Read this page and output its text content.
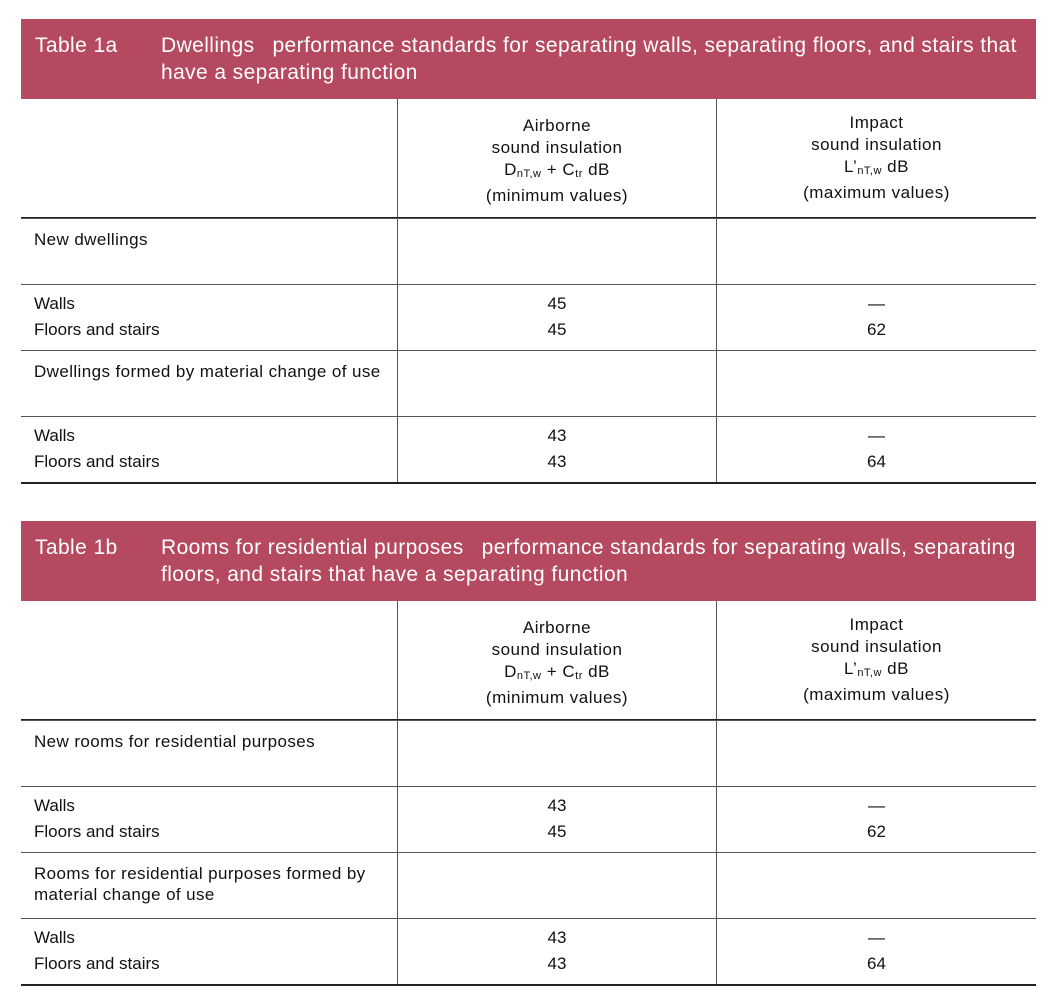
Table 1a Dwellings performance standards for separating walls, separating floors, and stairs that have a separating function
Airborne
sound insulation
$D_{nT,w} + C_{tr}$ dB
(minimum values)
Impact
sound insulation
$L’_{nT,w}$ dB
(maximum values)
New dwellings
Walls
Floors and stairs
45
45
—
62
Dwellings formed by material change of use
Walls
Floors and stairs
43
43
—
64
Table 1b Rooms for residential purposes performance standards for separating walls, separating floors, and stairs that have a separating function
Airborne
sound insulation
$D_{nT,w} + C_{tr}$ dB
(minimum values)
Impact
sound insulation
$L’_{nT,w}$ dB
(maximum values)
New rooms for residential purposes
Walls
Floors and stairs
43
45
—
62
Rooms for residential purposes formed by material change of use
Walls
Floors and stairs
43
43
—
64
